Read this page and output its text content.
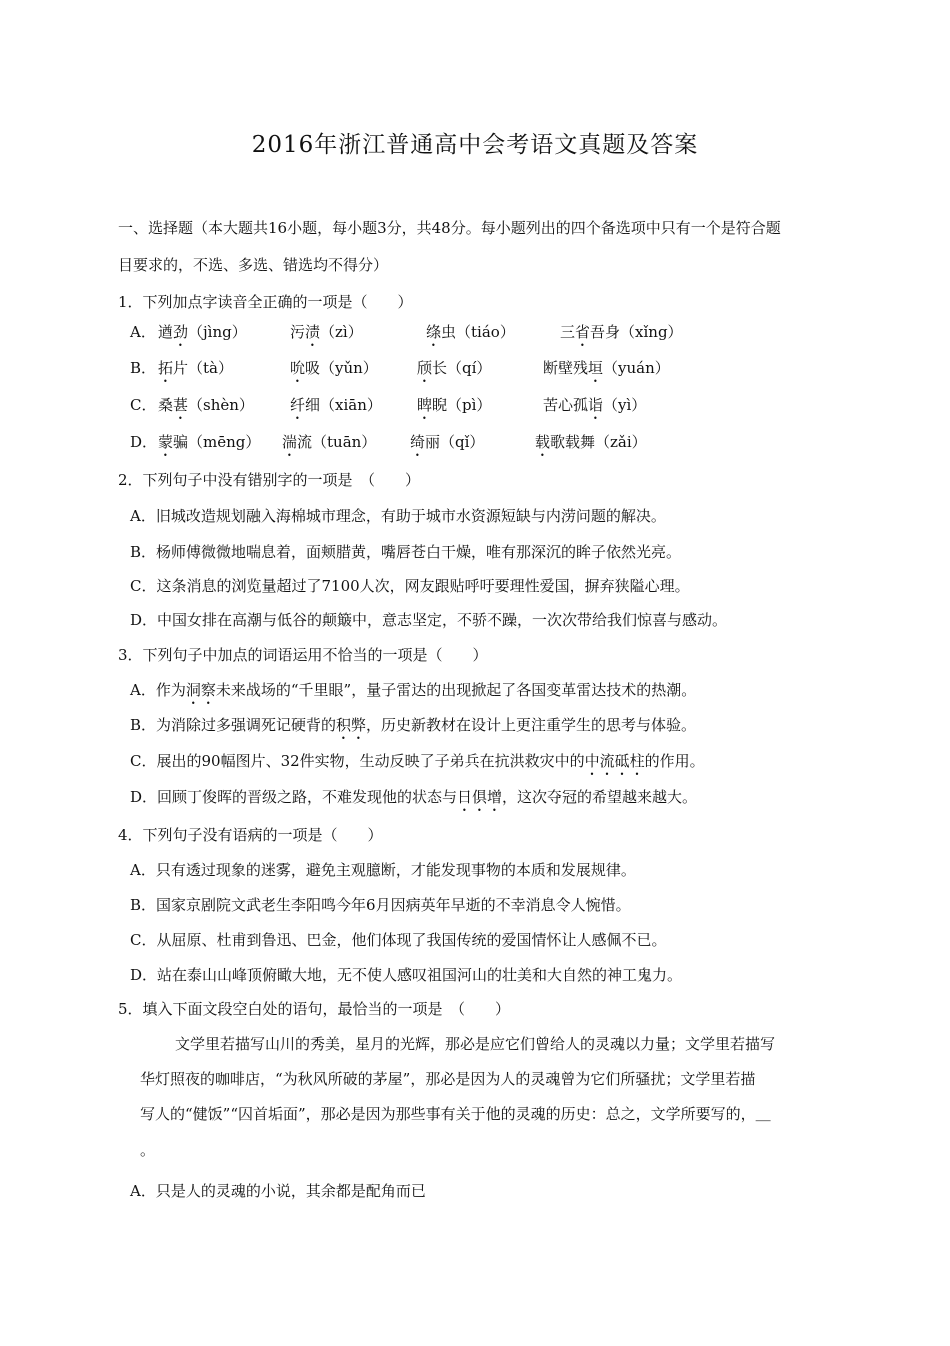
2016年浙江普通高中会考语文真题及答案
一、选择题（本大题共16小题，每小题3分，共48分。每小题列出的四个备选项中只有一个是符合题
目要求的，不选、多选、错选均不得分）
1．下列加点字读音全正确的一项是（　　）
A． 遒劲（jìng）	污渍（zì）	绦虫（tiáo）	三省吾身（xǐng）
B． 拓片（tà）	吮吸（yǔn）	颀长（qí）	断壁残垣（yuán）
C． 桑葚（shèn） 纤细（xiān） 睥睨（pì）	苦心孤诣（yì）
D． 蒙骗（mēng） 湍流（tuān） 绮丽（qǐ）	载歌载舞（zǎi）
2．下列句子中没有错别字的一项是　（　　）
A．旧城改造规划融入海棉城市理念，有助于城市水资源短缺与内涝问题的解决。
B．杨师傅微微地喘息着，面颊腊黄，嘴唇苍白干燥，唯有那深沉的眸子依然光亮。
C．这条消息的浏览量超过了7100人次，网友跟贴呼吁要理性爱国，摒弃狭隘心理。
D．中国女排在高潮与低谷的颠簸中，意志坚定，不骄不躁，一次次带给我们惊喜与感动。
3．下列句子中加点的词语运用不恰当的一项是（　　）
A．作为洞察未来战场的“千里眼”，量子雷达的出现掀起了各国变革雷达技术的热潮。
B．为消除过多强调死记硬背的积弊，历史新教材在设计上更注重学生的思考与体验。
C．展出的90幅图片、32件实物，生动反映了子弟兵在抗洪救灾中的中流砥柱的作用。
D．回顾丁俊晖的晋级之路，不难发现他的状态与日俱增，这次夺冠的希望越来越大。
4．下列句子没有语病的一项是（　　）
A．只有透过现象的迷雾，避免主观臆断，才能发现事物的本质和发展规律。
B．国家京剧院文武老生李阳鸣今年6月因病英年早逝的不幸消息令人惋惜。
C．从屈原、杜甫到鲁迅、巴金，他们体现了我国传统的爱国情怀让人感佩不已。
D．站在泰山山峰顶俯瞰大地，无不使人感叹祖国河山的壮美和大自然的神工鬼力。
5．填入下面文段空白处的语句，最恰当的一项是　（　　）
文学里若描写山川的秀美，星月的光辉，那必是应它们曾给人的灵魂以力量；文学里若描写
华灯照夜的咖啡店，“为秋风所破的茅屋”，那必是因为人的灵魂曾为它们所骚扰；文学里若描
写人的“健饭”“囚首垢面”，那必是因为那些事有关于他的灵魂的历史：总之，文学所要写的，＿
。
A．只是人的灵魂的小说，其余都是配角而已
